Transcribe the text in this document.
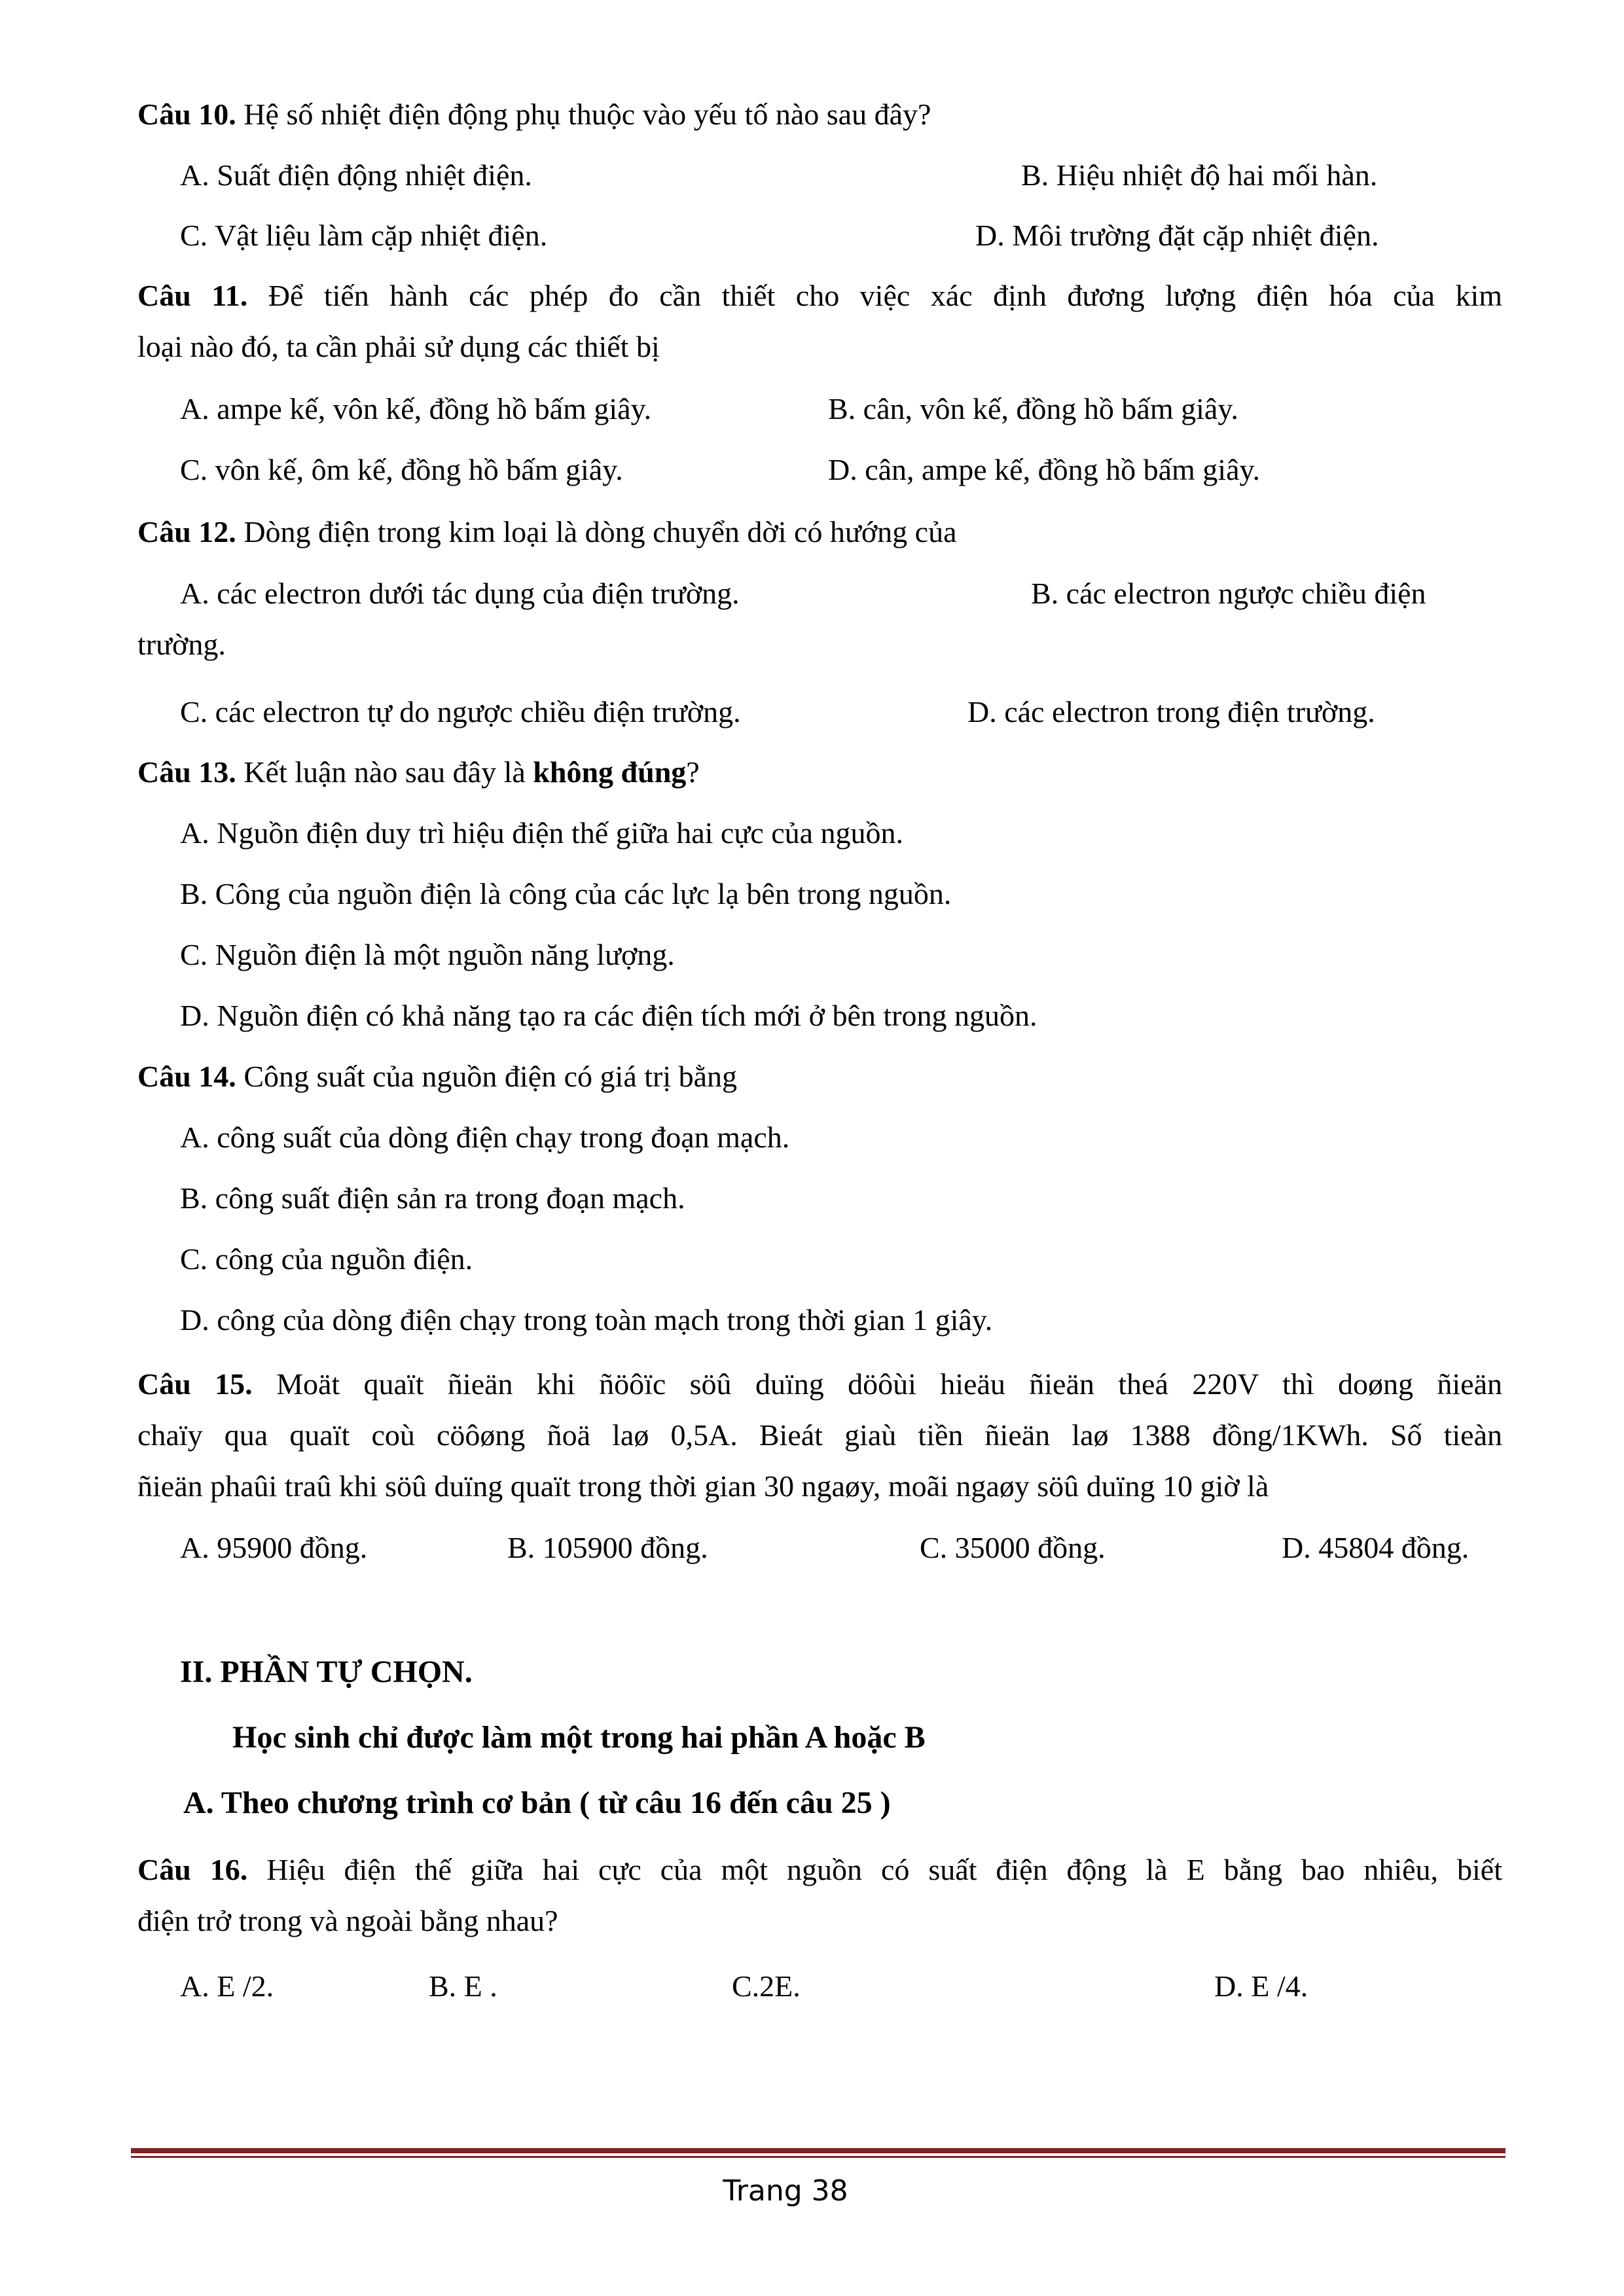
Câu 10. Hệ số nhiệt điện động phụ thuộc vào yếu tố nào sau đây?
A. Suất điện động nhiệt điện.	B. Hiệu nhiệt độ hai mối hàn.
C. Vật liệu làm cặp nhiệt điện.	D. Môi trường đặt cặp nhiệt điện.
Câu 11. Để tiến hành các phép đo cần thiết cho việc xác định đương lượng điện hóa của kim
loại nào đó, ta cần phải sử dụng các thiết bị
A. ampe kế, vôn kế, đồng hồ bấm giây.	B. cân, vôn kế, đồng hồ bấm giây.
C. vôn kế, ôm kế, đồng hồ bấm giây.	D. cân, ampe kế, đồng hồ bấm giây.
Câu 12. Dòng điện trong kim loại là dòng chuyển dời có hướng của
A. các electron dưới tác dụng của điện trường.	B. các electron ngược chiều điện
trường.
C. các electron tự do ngược chiều điện trường.	D. các electron trong điện trường.
Câu 13. Kết luận nào sau đây là không đúng?
A. Nguồn điện duy trì hiệu điện thế giữa hai cực của nguồn.
B. Công của nguồn điện là công của các lực lạ bên trong nguồn.
C. Nguồn điện là một nguồn năng lượng.
D. Nguồn điện có khả năng tạo ra các điện tích mới ở bên trong nguồn.
Câu 14. Công suất của nguồn điện có giá trị bằng
A. công suất của dòng điện chạy trong đoạn mạch.
B. công suất điện sản ra trong đoạn mạch.
C. công của nguồn điện.
D. công của dòng điện chạy trong toàn mạch trong thời gian 1 giây.
Câu 15. Moät quaït ñieän khi ñöôïc söû duïng döôùi hieäu ñieän theá 220V thì doøng ñieän
chaïy qua quaït coù cöôøng ñoä laø 0,5A. Bieát giaù tiền ñieän laø 1388 đồng/1KWh. Số tieàn
ñieän phaûi traû khi söû duïng quaït trong thời gian 30 ngaøy, moãi ngaøy söû duïng 10 giờ là
A. 95900 đồng.	B. 105900 đồng.	C. 35000 đồng.	D. 45804 đồng.
II. PHẦN TỰ CHỌN.
Học sinh chỉ được làm một trong hai phần A hoặc B
A. Theo chương trình cơ bản ( từ câu 16 đến câu 25 )
Câu 16. Hiệu điện thế giữa hai cực của một nguồn có suất điện động là E bằng bao nhiêu, biết
điện trở trong và ngoài bằng nhau?
A. E /2.	B. E .	C.2E.	D. E /4.
Trang 38
